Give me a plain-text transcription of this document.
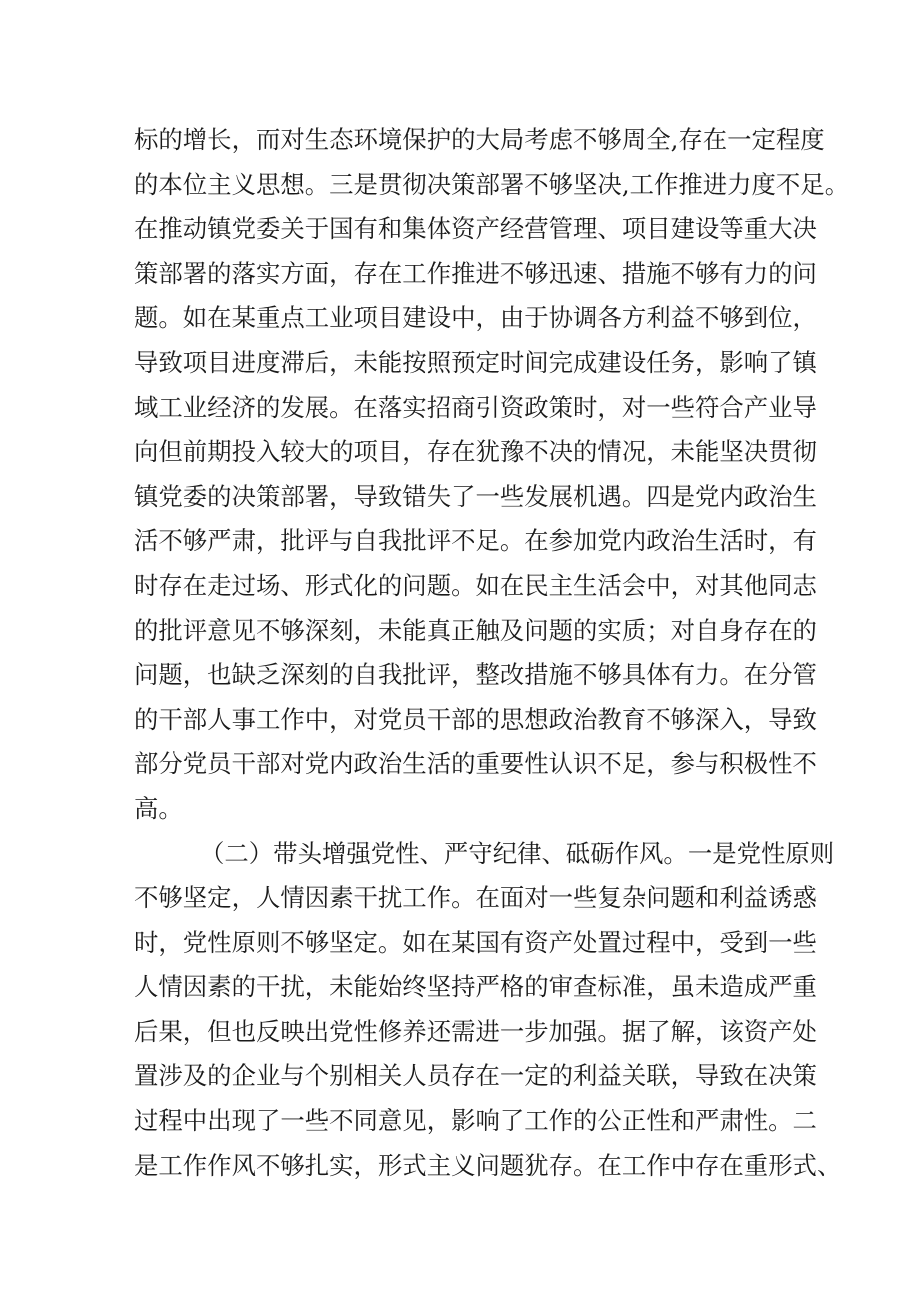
标的增长，而对生态环境保护的大局考虑不够周全,存在一定程度
的本位主义思想。三是贯彻决策部署不够坚决,工作推进力度不足。
在推动镇党委关于国有和集体资产经营管理、项目建设等重大决
策部署的落实方面，存在工作推进不够迅速、措施不够有力的问
题。如在某重点工业项目建设中，由于协调各方利益不够到位，
导致项目进度滞后，未能按照预定时间完成建设任务，影响了镇
域工业经济的发展。在落实招商引资政策时，对一些符合产业导
向但前期投入较大的项目，存在犹豫不决的情况，未能坚决贯彻
镇党委的决策部署，导致错失了一些发展机遇。四是党内政治生
活不够严肃，批评与自我批评不足。在参加党内政治生活时，有
时存在走过场、形式化的问题。如在民主生活会中，对其他同志
的批评意见不够深刻，未能真正触及问题的实质；对自身存在的
问题，也缺乏深刻的自我批评，整改措施不够具体有力。在分管
的干部人事工作中，对党员干部的思想政治教育不够深入，导致
部分党员干部对党内政治生活的重要性认识不足，参与积极性不
高。
（二）带头增强党性、严守纪律、砥砺作风。一是党性原则
不够坚定，人情因素干扰工作。在面对一些复杂问题和利益诱惑
时，党性原则不够坚定。如在某国有资产处置过程中，受到一些
人情因素的干扰，未能始终坚持严格的审查标准，虽未造成严重
后果，但也反映出党性修养还需进一步加强。据了解，该资产处
置涉及的企业与个别相关人员存在一定的利益关联，导致在决策
过程中出现了一些不同意见，影响了工作的公正性和严肃性。二
是工作作风不够扎实，形式主义问题犹存。在工作中存在重形式、
